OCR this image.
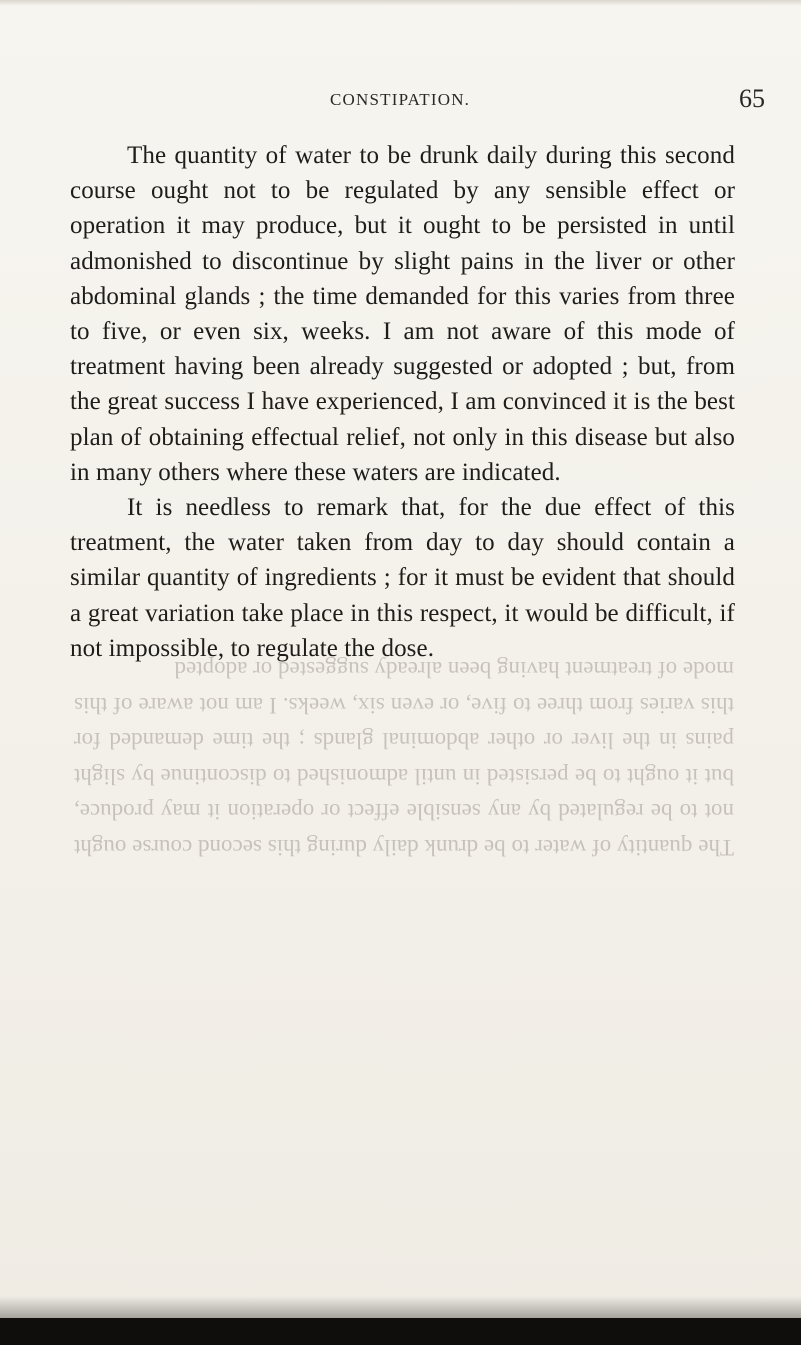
CONSTIPATION.	65
The quantity of water to be drunk daily during this second course ought not to be regulated by any sensible effect or operation it may produce, but it ought to be persisted in until admonished to discontinue by slight pains in the liver or other abdominal glands ; the time demanded for this varies from three to five, or even six, weeks. I am not aware of this mode of treatment having been already suggested or adopted

The quantity of water to be drunk daily during this second course ought not to be regulated by any sensible effect or operation it may produce, but it ought to be persisted in until admonished to discontinue by slight pains in the liver or other abdominal glands ; the time demanded for this varies from three to five, or even six, weeks. I am not aware of this mode of treatment having been already suggested or adopted ; but, from the great success I have experienced, I am convinced it is the best plan of obtaining effectual relief, not only in this disease but also in many others where these waters are indicated.

It is needless to remark that, for the due effect of this treatment, the water taken from day to day should contain a similar quantity of ingredients ; for it must be evident that should a great variation take place in this respect, it would be difficult, if not impossible, to regulate the dose.
